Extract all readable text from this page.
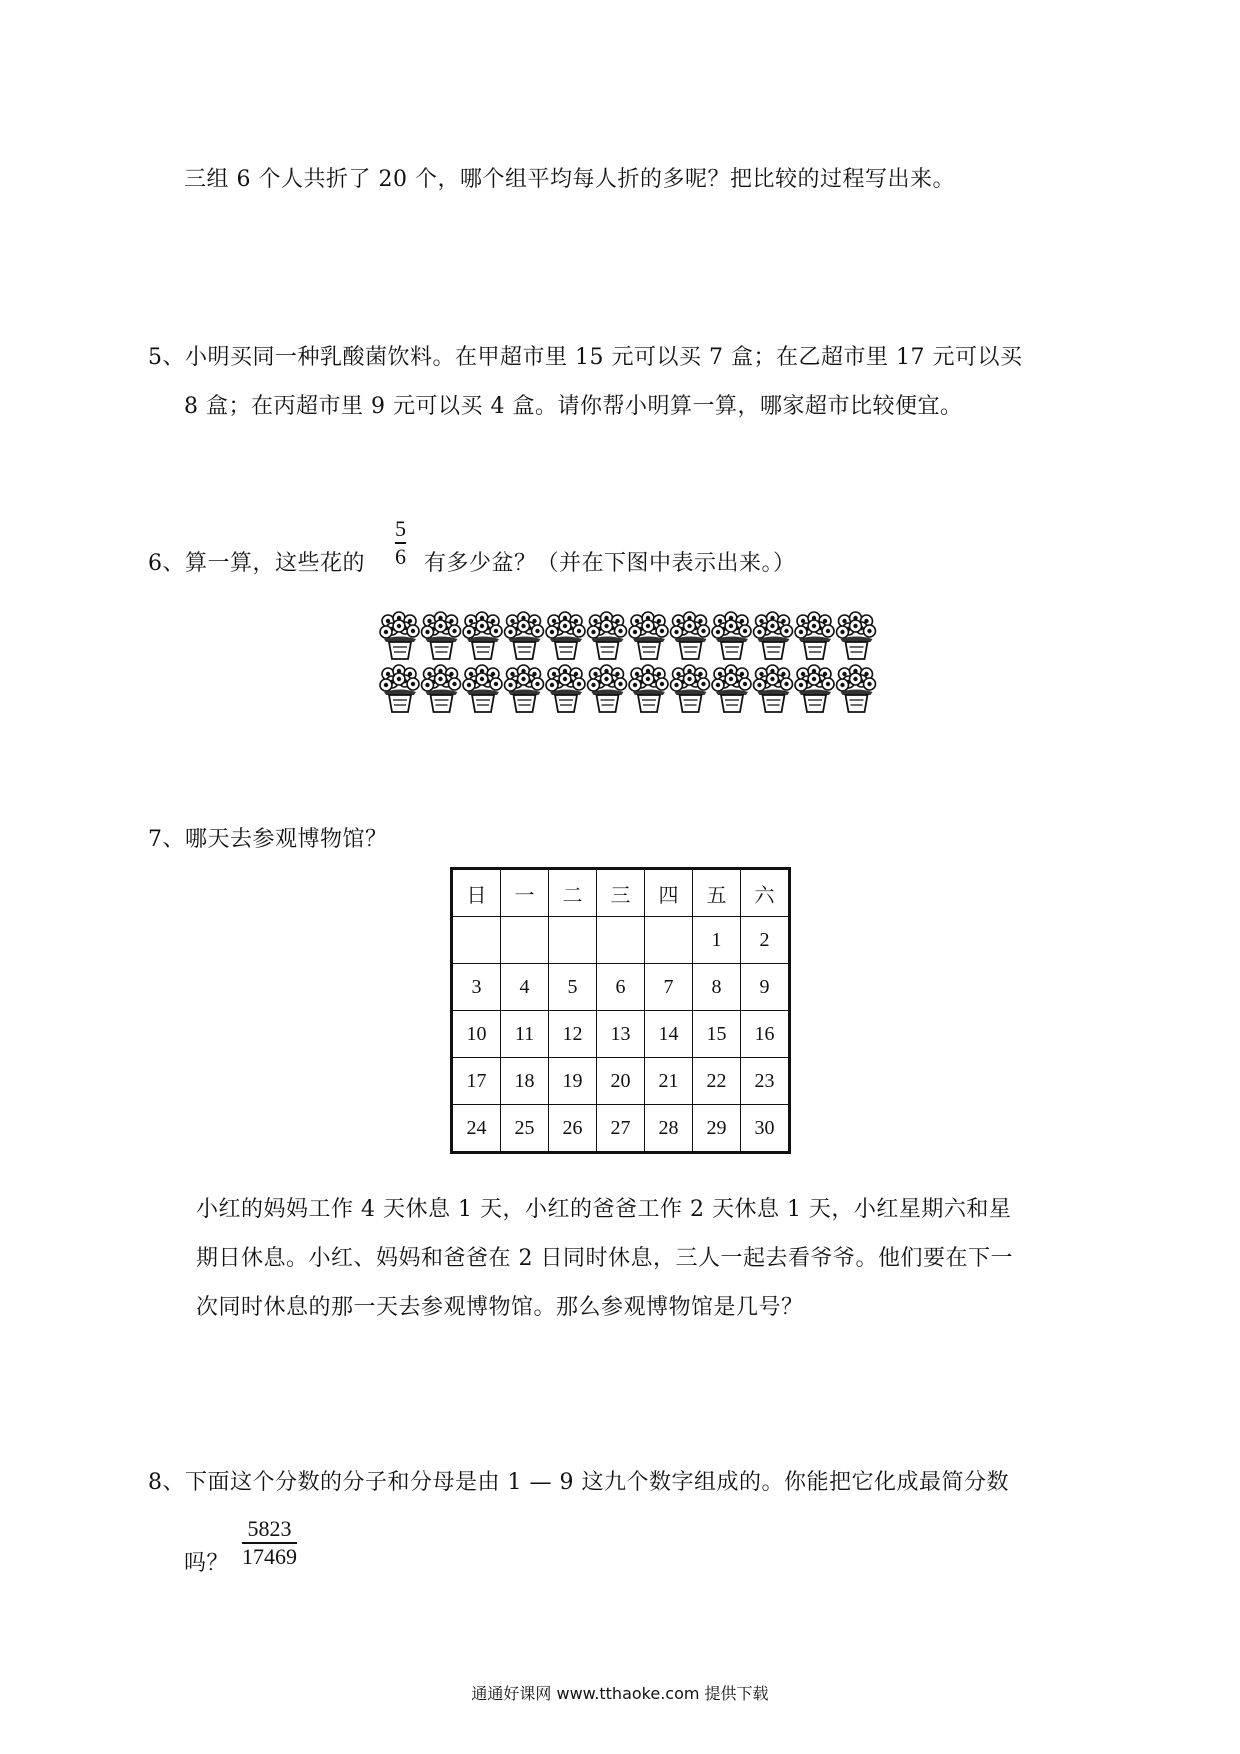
三组 6 个人共折了 20 个，哪个组平均每人折的多呢？把比较的过程写出来。
5、小明买同一种乳酸菌饮料。在甲超市里 15 元可以买 7 盒；在乙超市里 17 元可以买
8 盒；在丙超市里 9 元可以买 4 盒。请你帮小明算一算，哪家超市比较便宜。
6、算一算，这些花的
5
6 有多少盆？（并在下图中表示出来。）
7、哪天去参观博物馆？
日	一	二	三	四	五	六
					1	2
3	4	5	6	7	8	9
10	11	12	13	14	15	16
17	18	19	20	21	22	23
24	25	26	27	28	29	30
小红的妈妈工作 4 天休息 1 天，小红的爸爸工作 2 天休息 1 天，小红星期六和星
期日休息。小红、妈妈和爸爸在 2 日同时休息，三人一起去看爷爷。他们要在下一
次同时休息的那一天去参观博物馆。那么参观博物馆是几号？
8、下面这个分数的分子和分母是由 1 — 9 这九个数字组成的。你能把它化成最简分数
吗？
5823
17469
通通好课网 www.tthaoke.com 提供下载
